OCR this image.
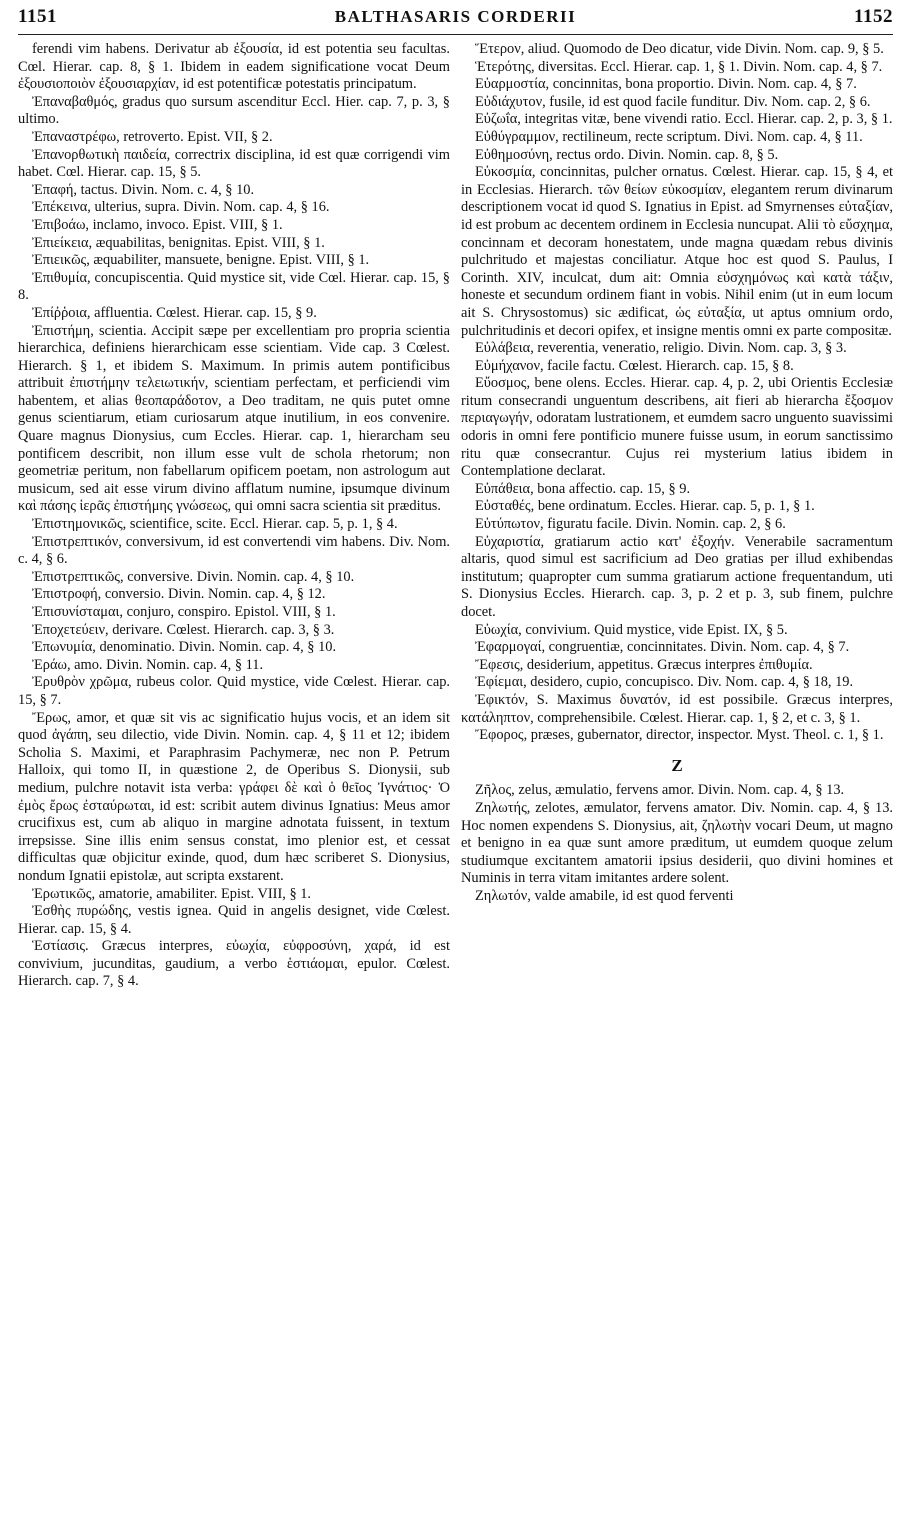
1151	BALTHASARIS CORDERII	1152

ferendi vim habens. Derivatur ab ἐξουσία, id est potentia seu facultas. Cœl. Hierar. cap. 8, § 1. Ibidem in eadem significatione vocat Deum ἐξουσιοποιὸν ἐξουσιαρχίαν, id est potentificæ potestatis principatum.

Ἐπαναβαθμός, gradus quo sursum ascenditur Eccl. Hier. cap. 7, p. 3, § ultimo.

Ἐπαναστρέφω, retroverto. Epist. VII, § 2.

Ἐπανορθωτικὴ παιδεία, correctrix disciplina, id est quæ corrigendi vim habet. Cœl. Hierar. cap. 15, § 5.

Ἐπαφή, tactus. Divin. Nom. c. 4, § 10.

Ἐπέκεινα, ulterius, supra. Divin. Nom. cap. 4, § 16.

Ἐπιβοάω, inclamo, invoco. Epist. VIII, § 1.

Ἐπιείκεια, æquabilitas, benignitas. Epist. VIII, § 1.

Ἐπιεικῶς, æquabiliter, mansuete, benigne. Epist. VIII, § 1.

Ἐπιθυμία, concupiscentia. Quid mystice sit, vide Cœl. Hierar. cap. 15, § 8.

Ἐπίῤῥοια, affluentia. Cœlest. Hierar. cap. 15, § 9.

Ἐπιστήμη, scientia. Accipit sæpe per excellentiam pro propria scientia hierarchica, definiens hierarchicam esse scientiam. Vide cap. 3 Cœlest. Hierarch. § 1, et ibidem S. Maximum. In primis autem pontificibus attribuit ἐπιστήμην τελειωτικήν, scientiam perfectam, et perficiendi vim habentem, et alias θεοπαράδοτον, a Deo traditam, ne quis putet omne genus scientiarum, etiam curiosarum atque inutilium, in eos convenire. Quare magnus Dionysius, cum Eccles. Hierar. cap. 1, hierarcham seu pontificem describit, non illum esse vult de schola rhetorum; non geometriæ peritum, non fabellarum opificem poetam, non astrologum aut musicum, sed ait esse virum divino afflatum numine, ipsumque divinum καὶ πάσης ἱερᾶς ἐπιστήμης γνώσεως, qui omni sacra scientia sit præditus.

Ἐπιστημονικῶς, scientifice, scite. Eccl. Hierar. cap. 5, p. 1, § 4.

Ἐπιστρεπτικόν, conversivum, id est convertendi vim habens. Div. Nom. c. 4, § 6.

Ἐπιστρεπτικῶς, conversive. Divin. Nomin. cap. 4, § 10.

Ἐπιστροφή, conversio. Divin. Nomin. cap. 4, § 12.

Ἐπισυνίσταμαι, conjuro, conspiro. Epistol. VIII, § 1.

Ἐποχετεύειν, derivare. Cœlest. Hierarch. cap. 3, § 3.

Ἐπωνυμία, denominatio. Divin. Nomin. cap. 4, § 10.

Ἐράω, amo. Divin. Nomin. cap. 4, § 11.

Ἐρυθρὸν χρῶμα, rubeus color. Quid mystice, vide Cœlest. Hierar. cap. 15, § 7.

Ἔρως, amor, et quæ sit vis ac significatio hujus vocis, et an idem sit quod ἀγάπη, seu dilectio, vide Divin. Nomin. cap. 4, § 11 et 12; ibidem Scholia S. Maximi, et Paraphrasim Pachymeræ, nec non P. Petrum Halloix, qui tomo II, in quæstione 2, de Operibus S. Dionysii, sub medium, pulchre notavit ista verba: γράφει δὲ καὶ ὁ θεῖος Ἰγνάτιος· Ὁ ἐμὸς ἔρως ἐσταύρωται, id est: scribit autem divinus Ignatius: Meus amor crucifixus est, cum ab aliquo in margine adnotata fuissent, in textum irrepsisse. Sine illis enim sensus constat, imo plenior est, et cessat difficultas quæ objicitur exinde, quod, dum hæc scriberet S. Dionysius, nondum Ignatii epistolæ, aut scripta exstarent.

Ἐρωτικῶς, amatorie, amabiliter. Epist. VIII, § 1.

Ἐσθὴς πυρώδης, vestis ignea. Quid in angelis designet, vide Cœlest. Hierar. cap. 15, § 4.

Ἑστίασις. Græcus interpres, εὐωχία, εὐφροσύνη, χαρά, id est convivium, jucunditas, gaudium, a verbo ἑστιάομαι, epulor. Cœlest. Hierarch. cap. 7, § 4.

Ἕτερον, aliud. Quomodo de Deo dicatur, vide Divin. Nom. cap. 9, § 5.

Ἑτερότης, diversitas. Eccl. Hierar. cap. 1, § 1. Divin. Nom. cap. 4, § 7.

Εὐαρμοστία, concinnitas, bona proportio. Divin. Nom. cap. 4, § 7.

Εὐδιάχυτον, fusile, id est quod facile funditur. Div. Nom. cap. 2, § 6.

Εὐζωΐα, integritas vitæ, bene vivendi ratio. Eccl. Hierar. cap. 2, p. 3, § 1.

Εὐθύγραμμον, rectilineum, recte scriptum. Divi. Nom. cap. 4, § 11.

Εὐθημοσύνη, rectus ordo. Divin. Nomin. cap. 8, § 5.

Εὐκοσμία, concinnitas, pulcher ornatus. Cœlest. Hierar. cap. 15, § 4, et in Ecclesias. Hierarch. τῶν θείων εὐκοσμίαν, elegantem rerum divinarum descriptionem vocat id quod S. Ignatius in Epist. ad Smyrnenses εὐταξίαν, id est probum ac decentem ordinem in Ecclesia nuncupat. Alii τὸ εὔσχημα, concinnam et decoram honestatem, unde magna quædam rebus divinis pulchritudo et majestas conciliatur. Atque hoc est quod S. Paulus, I Corinth. XIV, inculcat, dum ait: Omnia εὐσχημόνως καὶ κατὰ τάξιν, honeste et secundum ordinem fiant in vobis. Nihil enim (ut in eum locum ait S. Chrysostomus) sic ædificat, ὡς εὐταξία, ut aptus omnium ordo, pulchritudinis et decori opifex, et insigne mentis omni ex parte compositæ.

Εὐλάβεια, reverentia, veneratio, religio. Divin. Nom. cap. 3, § 3.

Εὐμήχανον, facile factu. Cœlest. Hierarch. cap. 15, § 8.

Εὔοσμος, bene olens. Eccles. Hierar. cap. 4, p. 2, ubi Orientis Ecclesiæ ritum consecrandi unguentum describens, ait fieri ab hierarcha ἔξοσμον περιαγωγήν, odoratam lustrationem, et eumdem sacro unguento suavissimi odoris in omni fere pontificio munere fuisse usum, in eorum sanctissimo ritu quæ consecrantur. Cujus rei mysterium latius ibidem in Contemplatione declarat.

Εὐπάθεια, bona affectio. cap. 15, § 9.

Εὐσταθές, bene ordinatum. Eccles. Hierar. cap. 5, p. 1, § 1.

Εὐτύπωτον, figuratu facile. Divin. Nomin. cap. 2, § 6.

Εὐχαριστία, gratiarum actio κατ' ἐξοχήν. Venerabile sacramentum altaris, quod simul est sacrificium ad Deo gratias per illud exhibendas institutum; quapropter cum summa gratiarum actione frequentandum, uti S. Dionysius Eccles. Hierarch. cap. 3, p. 2 et p. 3, sub finem, pulchre docet.

Εὐωχία, convivium. Quid mystice, vide Epist. IX, § 5.

Ἐφαρμογαί, congruentiæ, concinnitates. Divin. Nom. cap. 4, § 7.

Ἔφεσις, desiderium, appetitus. Græcus interpres ἐπιθυμία.

Ἐφίεμαι, desidero, cupio, concupisco. Div. Nom. cap. 4, § 18, 19.

Ἐφικτόν, S. Maximus δυνατόν, id est possibile. Græcus interpres, κατάληπτον, comprehensibile. Cœlest. Hierar. cap. 1, § 2, et c. 3, § 1.

Ἔφορος, præses, gubernator, director, inspector. Myst. Theol. c. 1, § 1.

Z

Ζῆλος, zelus, æmulatio, fervens amor. Divin. Nom. cap. 4, § 13.

Ζηλωτής, zelotes, æmulator, fervens amator. Div. Nomin. cap. 4, § 13. Hoc nomen expendens S. Dionysius, ait, ζηλωτὴν vocari Deum, ut magno et benigno in ea quæ sunt amore præditum, ut eumdem quoque zelum studiumque excitantem amatorii ipsius desiderii, quo divini homines et Numinis in terra vitam imitantes ardere solent.

Ζηλωτόν, valde amabile, id est quod ferventi
